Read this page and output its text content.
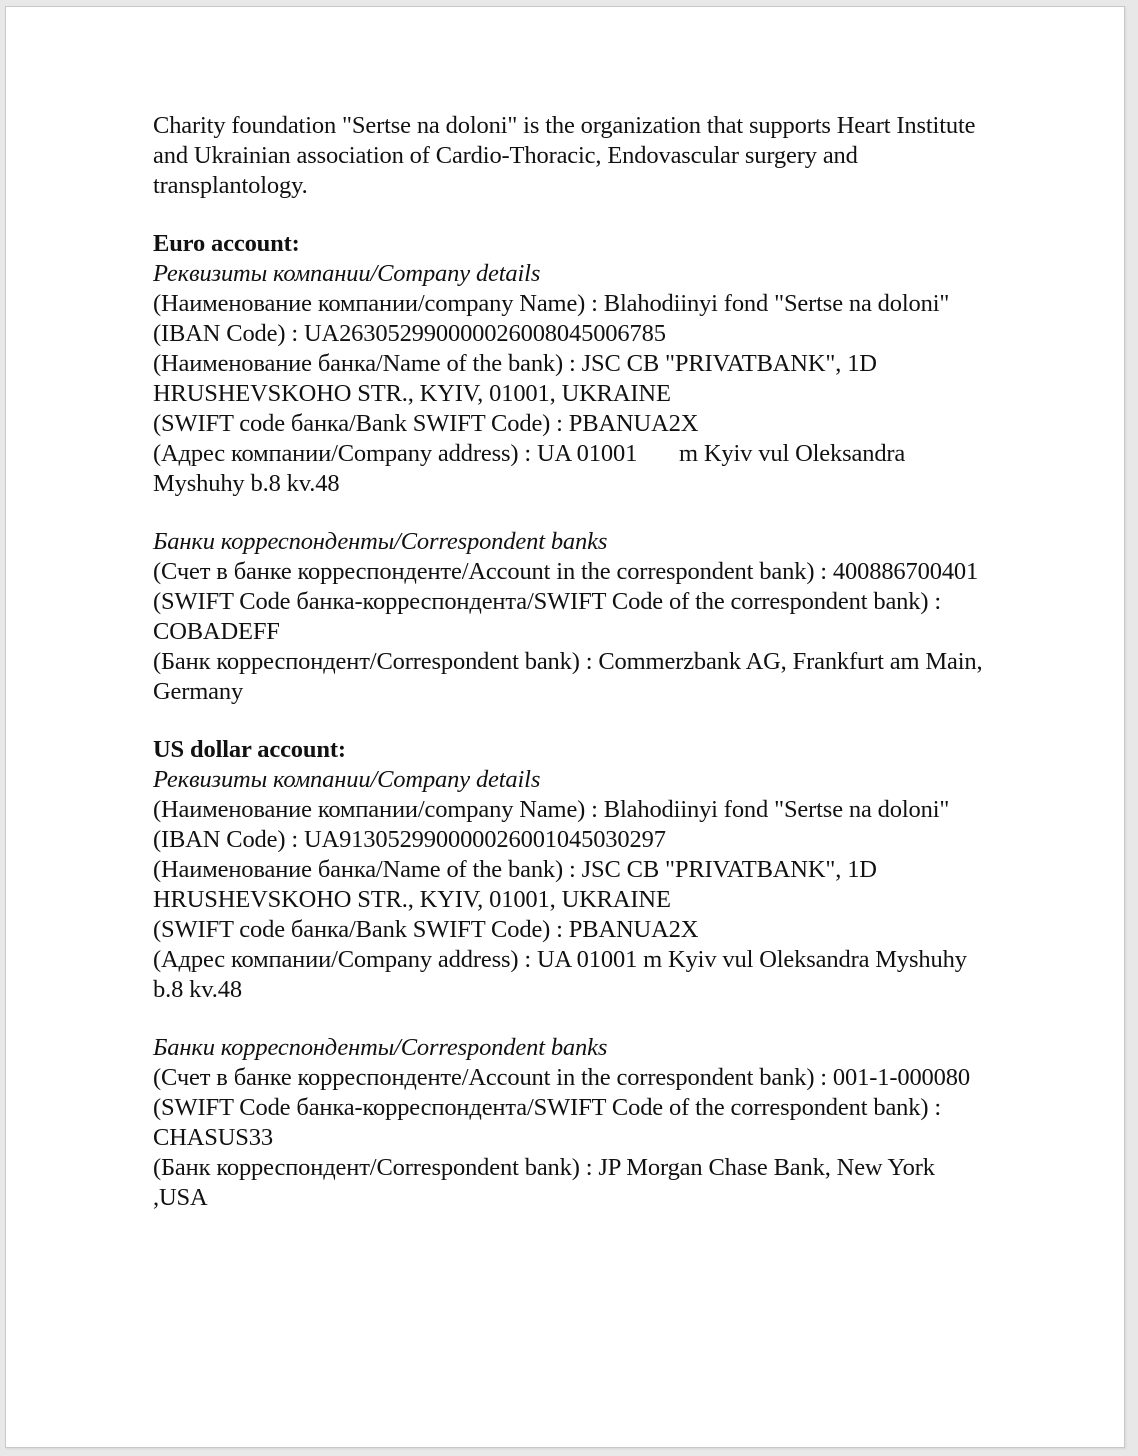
Charity foundation "Sertse na doloni" is the organization that supports Heart Institute and Ukrainian association of Cardio-Thoracic, Endovascular surgery and transplantology.

Euro account:

Реквизиты компании/Company details

(Наименование компании/company Name) : Blahodiinyi fond "Sertse na doloni"

(IBAN Code) : UA263052990000026008045006785

(Наименование банка/Name of the bank) : JSC CB "PRIVATBANK", 1D HRUSHEVSKOHO STR., KYIV, 01001, UKRAINE

(SWIFT code банка/Bank SWIFT Code) : PBANUA2X

(Адрес компании/Company address) : UA 01001       m Kyiv vul Oleksandra Myshuhy b.8 kv.48

Банки корреспонденты/Correspondent banks

(Счет в банке корреспонденте/Account in the correspondent bank) : 400886700401

(SWIFT Code банка-корреспондента/SWIFT Code of the correspondent bank) : COBADEFF

(Банк корреспондент/Correspondent bank) : Commerzbank AG, Frankfurt am Main, Germany

US dollar account:

Реквизиты компании/Company details

(Наименование компании/company Name) : Blahodiinyi fond "Sertse na doloni"

(IBAN Code) : UA913052990000026001045030297

(Наименование банка/Name of the bank) : JSC CB "PRIVATBANK", 1D HRUSHEVSKOHO STR., KYIV, 01001, UKRAINE

(SWIFT code банка/Bank SWIFT Code) : PBANUA2X

(Адрес компании/Company address) : UA 01001 m Kyiv vul Oleksandra Myshuhy b.8 kv.48

Банки корреспонденты/Correspondent banks

(Счет в банке корреспонденте/Account in the correspondent bank) : 001-1-000080

(SWIFT Code банка-корреспондента/SWIFT Code of the correspondent bank) : CHASUS33

(Банк корреспондент/Correspondent bank) : JP Morgan Chase Bank, New York ,USA
